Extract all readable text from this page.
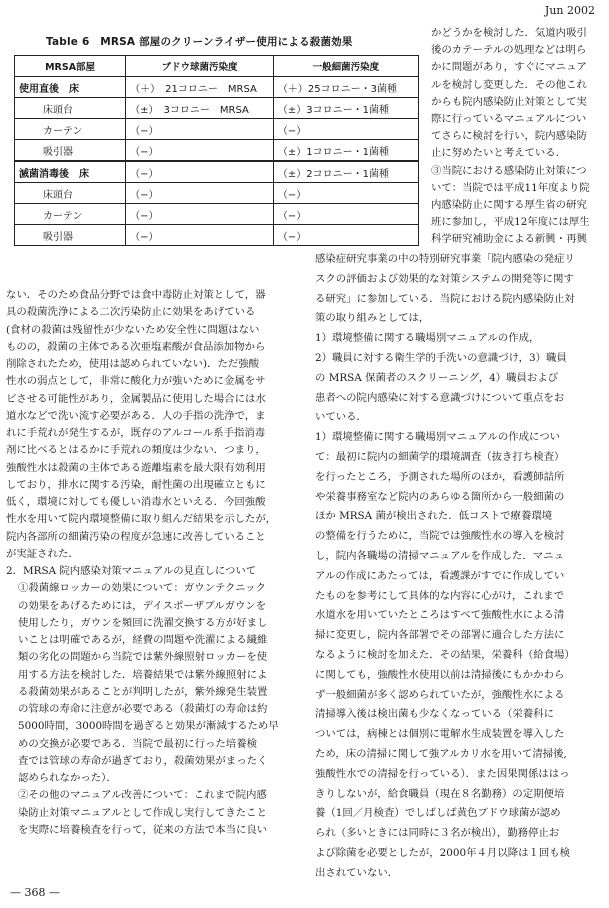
Jun 2002
Table 6　MRSA 部屋のクリーンライザー使用による殺菌効果
MRSA部屋	ブドウ球菌汚染度	一般細菌汚染度
使用直後　床	（＋）　21コロニー　MRSA	（＋）25コロニー・3菌種
床頭台	（±）　3コロニー　MRSA	（±）3コロニー・1菌種
カーテン	（−）	（−）
吸引器	（−）	（±）1コロニー・1菌種
滅菌消毒後　床	（−）	（±）2コロニー・1菌種
床頭台	（−）	（−）
カーテン	（−）	（−）
吸引器	（−）	（−）

かどうかを検討した．気道内吸引

後のカテーテルの処理などは明ら

かに問題があり，すぐにマニュア

ルを検討し変更した．その他これ

からも院内感染防止対策として実

際に行っているマニュアルについ

てさらに検討を行い，院内感染防

止に努めたいと考えている．

③当院における感染防止対策につ

いて：当院では平成11年度より院

内感染防止に関する厚生省の研究

班に参加し，平成12年度には厚生

科学研究補助金による新興・再興

ない．そのため食品分野では食中毒防止対策として，器

具の殺菌洗浄による二次汚染防止に効果をあげている

(食材の殺菌は残留性が少ないため安全性に問題はない

ものの，殺菌の主体である次亜塩素酸が食品添加物から

削除されたため，使用は認められていない)．ただ強酸

性水の弱点として，非常に酸化力が強いために金属をサ

ビさせる可能性があり，金属製品に使用した場合には水

道水などで洗い流す必要がある．人の手指の洗浄で，ま

れに手荒れが発生するが，既存のアルコール系手指消毒

剤に比べるとはるかに手荒れの頻度は少ない．つまり，

強酸性水は殺菌の主体である遊離塩素を最大限有効利用

しており，排水に関する汚染，耐性菌の出現確立ともに

低く，環境に対しても優しい消毒水といえる．今回強酸

性水を用いて院内環境整備に取り組んだ結果を示したが，

院内各部所の細菌汚染の程度が急速に改善していること

が実証された．

2．MRSA 院内感染対策マニュアルの見直しについて

①殺菌線ロッカーの効果について：ガウンテクニック

の効果をあげるためには，デイスポーザブルガウンを

使用したり，ガウンを頻回に洗濯交換する方が好まし

いことは明確であるが，経費の問題や洗濯による繊維

類の劣化の問題から当院では紫外線照射ロッカーを使

用する方法を検討した．培養結果では紫外線照射によ

る殺菌効果があることが判明したが，紫外線発生装置

の管球の寿命に注意が必要である（殺菌灯の寿命は約

5000時間，3000時間を過ぎると効果が漸減するため早

めの交換が必要である．当院で最初に行った培養検

査では管球の寿命が過ぎており，殺菌効果がまったく

認められなかった）．

②その他のマニュアル改善について：これまで院内感

染防止対策マニュアルとして作成し実行してきたこと

を実際に培養検査を行って，従来の方法で本当に良い

感染症研究事業の中の特別研究事業「院内感染の発症リ

スクの評価および効果的な対策システムの開発等に関す

る研究」に参加している．当院における院内感染防止対

策の取り組みとしては，

1）環境整備に関する職場別マニュアルの作成，

2）職員に対する衛生学的手洗いの意識づけ，3）職員

の MRSA 保菌者のスクリーニング，4）職員および

患者への院内感染に対する意識づけについて重点をお

いている．

1）環境整備に関する職場別マニュアルの作成につい

て：最初に院内の細菌学的環境調査（抜き打ち検査）

を行ったところ，予測された場所のほか，看護師詰所

や栄養事務室など院内のあらゆる箇所から一般細菌の

ほか MRSA 菌が検出された．低コストで療養環境

の整備を行うために，当院では強酸性水の導入を検討

し，院内各職場の清掃マニュアルを作成した．マニュ

アルの作成にあたっては，看護課がすでに作成してい

たものを参考にして具体的な内容に心がけ，これまで

水道水を用いていたところはすべて強酸性水による清

掃に変更し，院内各部署でその部署に適合した方法に

なるように検討を加えた．その結果，栄養科（給食場）

に関しても，強酸性水使用以前は清掃後にもかかわら

ず一般細菌が多く認められていたが，強酸性水による

清掃導入後は検出菌も少なくなっている（栄養科に

ついては，病棟とは個別に電解水生成装置を導入した

ため，床の清掃に関して強アルカリ水を用いて清掃後,

強酸性水での清掃を行っている）．また因果関係ははっ

きりしないが，給食職員（現在８名勤務）の定期便培

養（1回／月検査）でしばしば黄色ブドウ球菌が認め

られ（多いときには同時に３名が検出），勤務停止お

よび除菌を必要としたが，2000年４月以降は１回も検

出されていない．

— 368 —
